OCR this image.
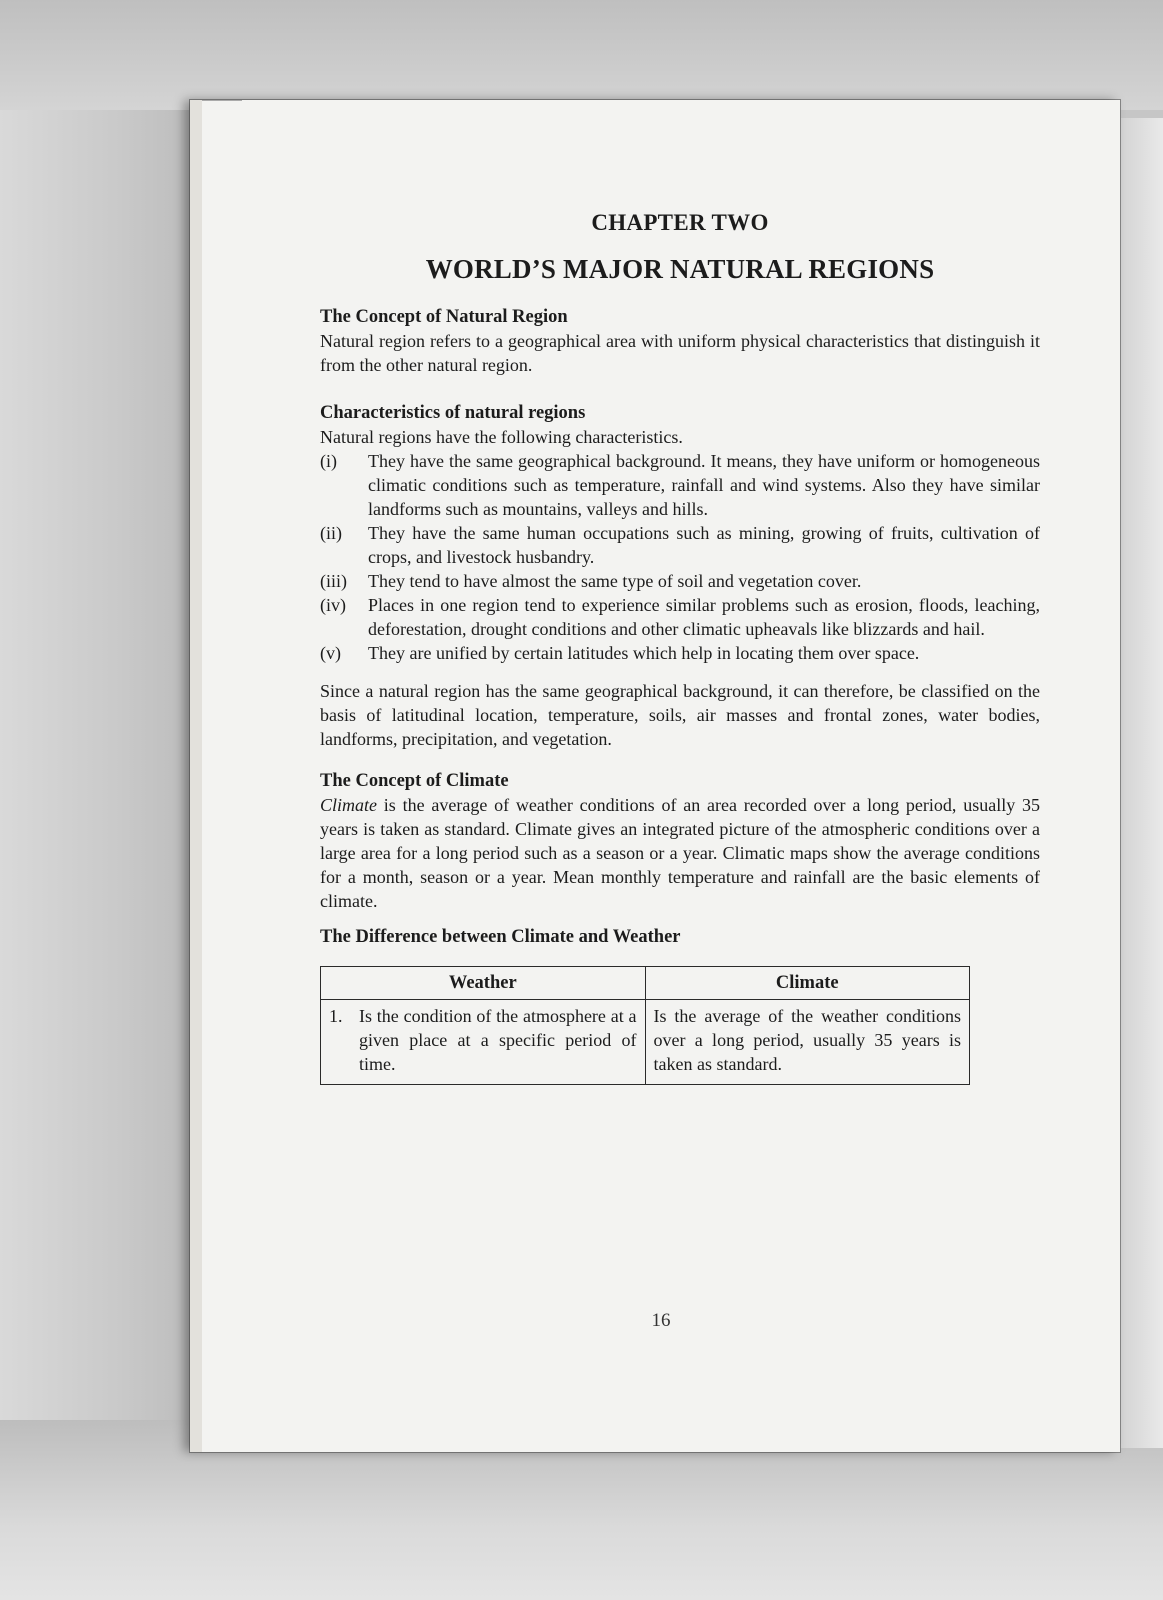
CHAPTER TWO
WORLD’S MAJOR NATURAL REGIONS
The Concept of Natural Region

Natural region refers to a geographical area with uniform physical characteristics that distinguish it from the other natural region.

Characteristics of natural regions

Natural regions have the following characteristics.

(i)	They have the same geographical background. It means, they have uniform or homogeneous climatic conditions such as temperature, rainfall and wind systems. Also they have similar landforms such as mountains, valleys and hills.
(ii)	They have the same human occupations such as mining, growing of fruits, cultivation of crops, and livestock husbandry.
(iii)	They tend to have almost the same type of soil and vegetation cover.
(iv)	Places in one region tend to experience similar problems such as erosion, floods, leaching, deforestation, drought conditions and other climatic upheavals like blizzards and hail.
(v)	They are unified by certain latitudes which help in locating them over space.

Since a natural region has the same geographical background, it can therefore, be classified on the basis of latitudinal location, temperature, soils, air masses and frontal zones, water bodies, landforms, precipitation, and vegetation.

The Concept of Climate

Climate is the average of weather conditions of an area recorded over a long period, usually 35 years is taken as standard. Climate gives an integrated picture of the atmospheric conditions over a large area for a long period such as a season or a year. Climatic maps show the average conditions for a month, season or a year. Mean monthly temperature and rainfall are the basic elements of climate.

The Difference between Climate and Weather
Weather	Climate

1. Is the condition of the atmosphere at a given place at a specific period of time.	Is the average of the weather conditions over a long period, usually 35 years is taken as standard.
16
